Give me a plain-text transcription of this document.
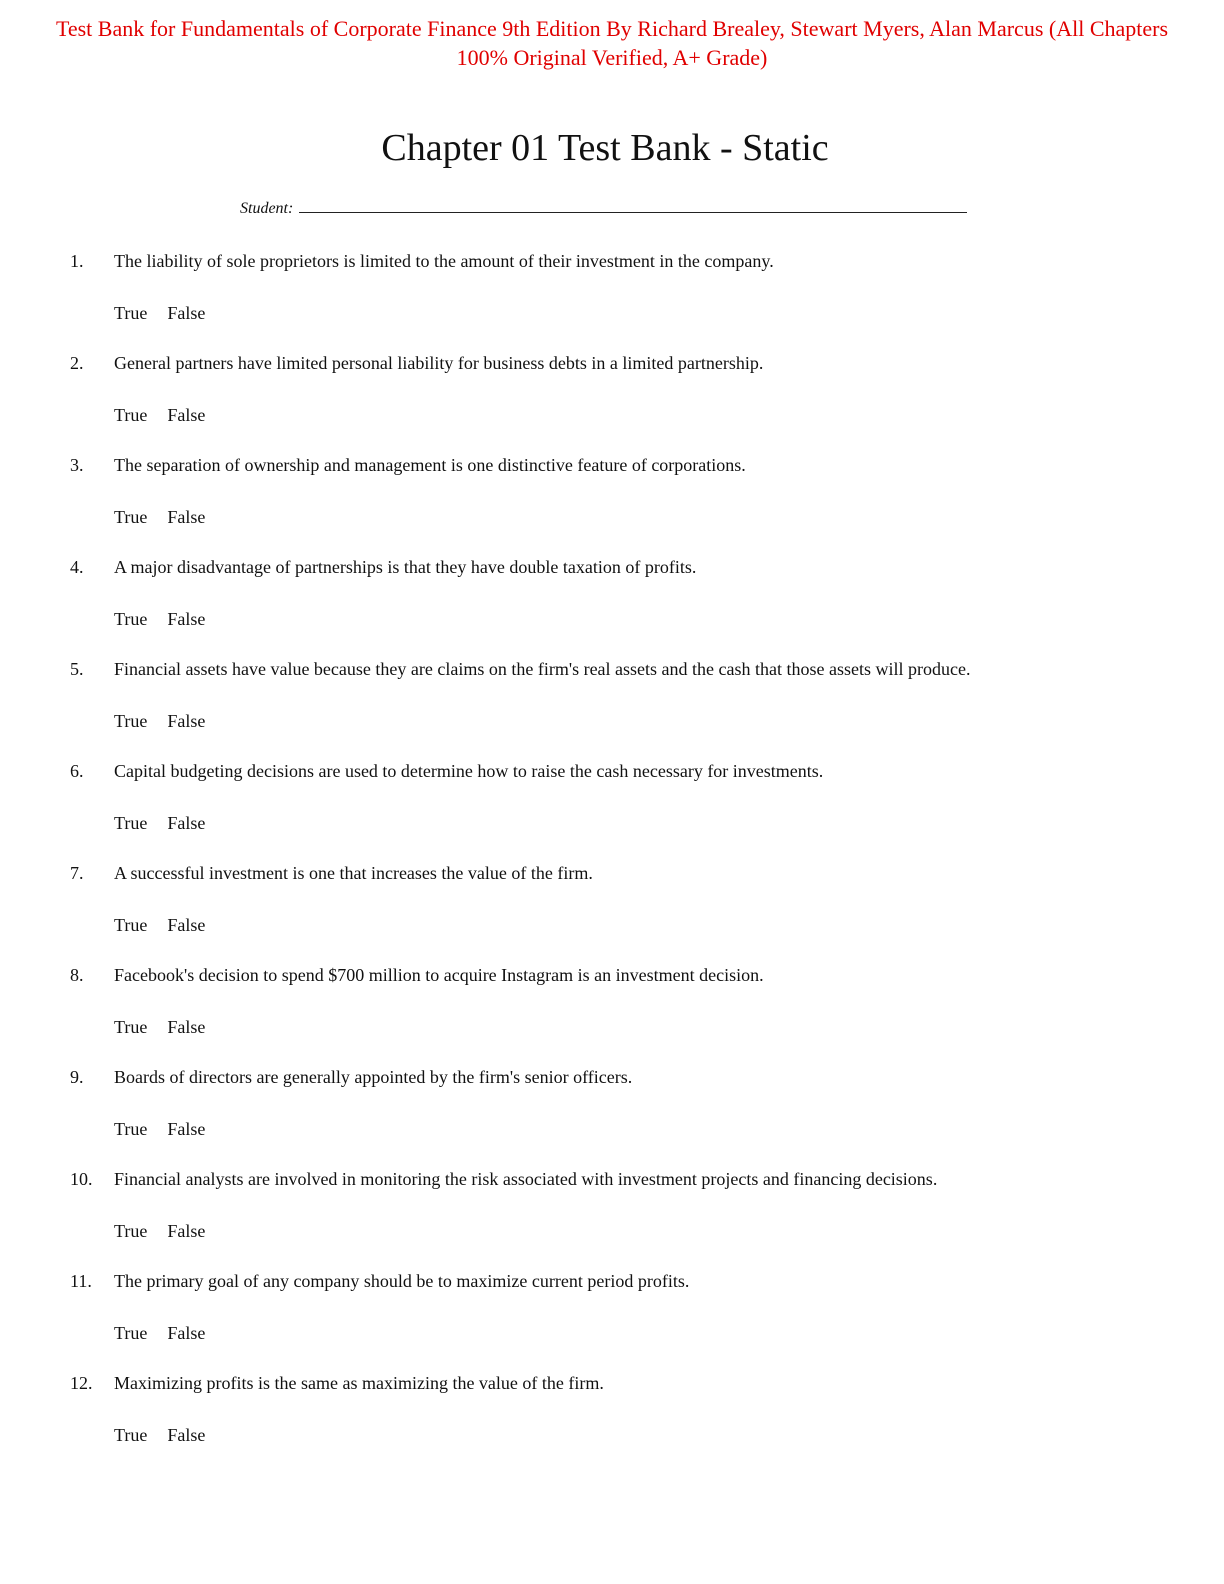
Test Bank for Fundamentals of Corporate Finance 9th Edition By Richard Brealey, Stewart Myers, Alan Marcus (All Chapters 100% Original Verified, A+ Grade)
Chapter 01 Test Bank - Static
Student:
1. The liability of sole proprietors is limited to the amount of their investment in the company.
True False
2. General partners have limited personal liability for business debts in a limited partnership.
True False
3. The separation of ownership and management is one distinctive feature of corporations.
True False
4. A major disadvantage of partnerships is that they have double taxation of profits.
True False
5. Financial assets have value because they are claims on the firm's real assets and the cash that those assets will produce.
True False
6. Capital budgeting decisions are used to determine how to raise the cash necessary for investments.
True False
7. A successful investment is one that increases the value of the firm.
True False
8. Facebook's decision to spend $700 million to acquire Instagram is an investment decision.
True False
9. Boards of directors are generally appointed by the firm's senior officers.
True False
10. Financial analysts are involved in monitoring the risk associated with investment projects and financing decisions.
True False
11. The primary goal of any company should be to maximize current period profits.
True False
12. Maximizing profits is the same as maximizing the value of the firm.
True False
